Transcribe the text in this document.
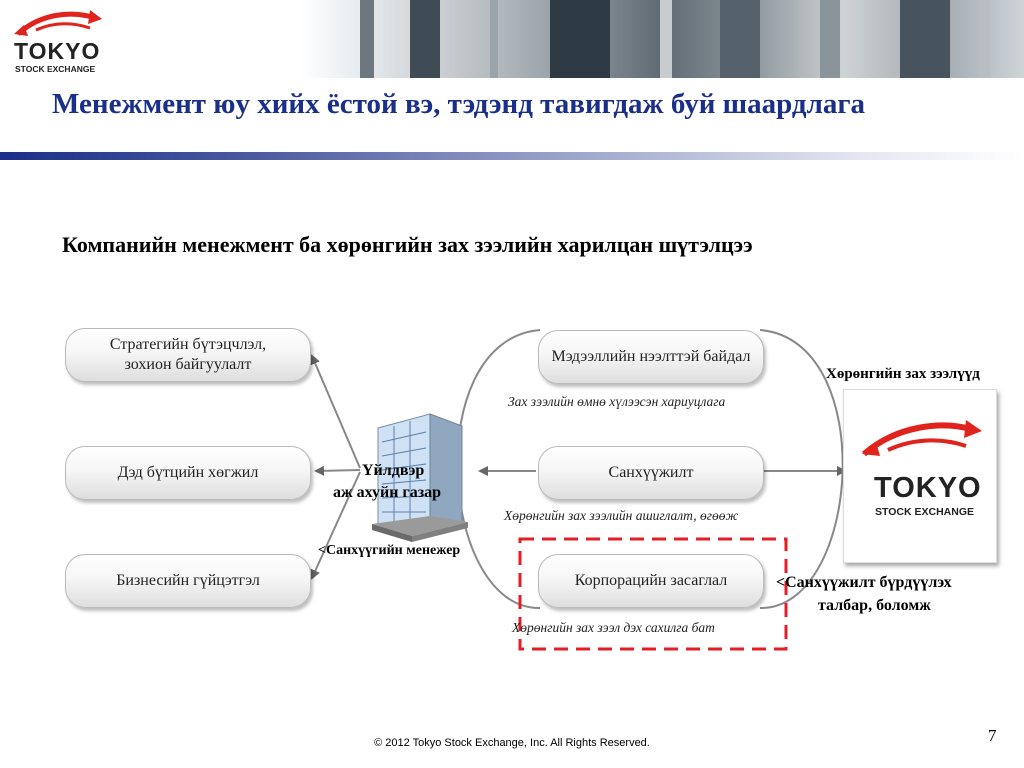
TOKYO
STOCK EXCHANGE
Менежмент юу хийх ёстой вэ, тэдэнд тавигдаж буй шаардлага
Компанийн менежмент ба хөрөнгийн зах зээлийн харилцан шүтэлцээ
Стратегийн бүтэцчлэл,
зохион байгуулалт
Дэд бүтцийн хөгжил
Бизнесийн гүйцэтгэл
Үйлдвэр
аж ахуйн газар
<Санхүүгийн менежер
Мэдээллийн нээлттэй байдал
Зах зээлийн өмнө хүлээсэн хариуцлага
Санхүүжилт
Хөрөнгийн зах зээлийн ашиглалт, өгөөж
Корпорацийн засаглал
Хөрөнгийн зах зээл дэх сахилга бат
Хөрөнгийн зах зээлүүд
TOKYO
STOCK EXCHANGE
<Санхүүжилт бүрдүүлэх
талбар, боломж
© 2012 Tokyo Stock Exchange, Inc. All Rights Reserved.	7
